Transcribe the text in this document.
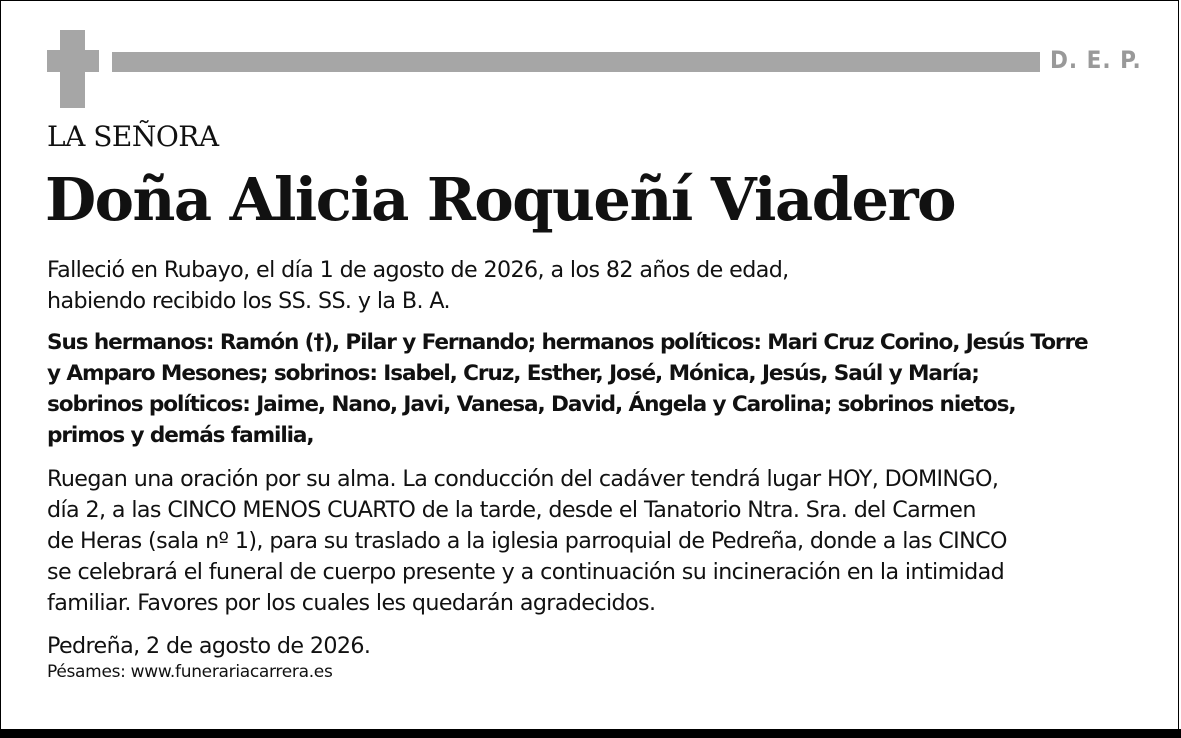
D. E. P.
LA SEÑORA
Doña Alicia Roqueñí Viadero
Falleció en Rubayo, el día 1 de agosto de 2026, a los 82 años de edad,
habiendo recibido los SS. SS. y la B. A.
Sus hermanos: Ramón (†), Pilar y Fernando; hermanos políticos: Mari Cruz Corino, Jesús Torre
y Amparo Mesones; sobrinos: Isabel, Cruz, Esther, José, Mónica, Jesús, Saúl y María;
sobrinos políticos: Jaime, Nano, Javi, Vanesa, David, Ángela y Carolina; sobrinos nietos,
primos y demás familia,
Ruegan una oración por su alma. La conducción del cadáver tendrá lugar HOY, DOMINGO,
día 2, a las CINCO MENOS CUARTO de la tarde, desde el Tanatorio Ntra. Sra. del Carmen
de Heras (sala nº 1), para su traslado a la iglesia parroquial de Pedreña, donde a las CINCO
se celebrará el funeral de cuerpo presente y a continuación su incineración en la intimidad
familiar. Favores por los cuales les quedarán agradecidos.
Pedreña, 2 de agosto de 2026.
Pésames: www.funerariacarrera.es
